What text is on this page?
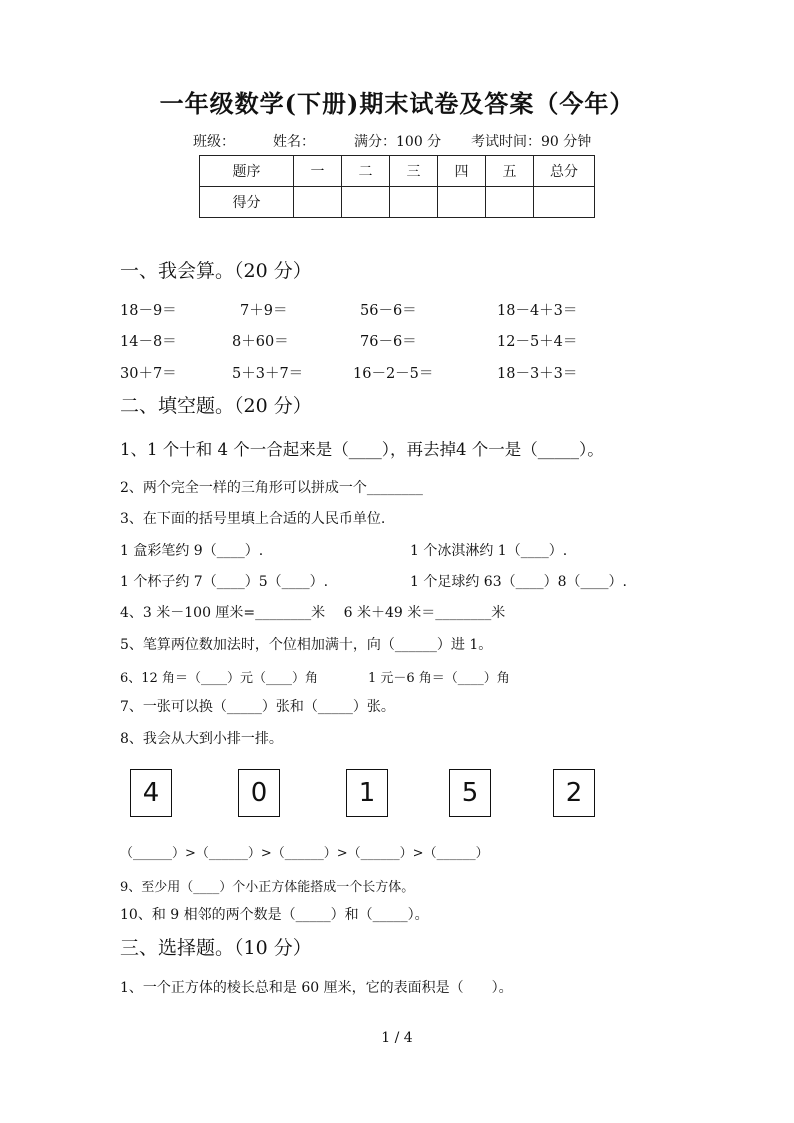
一年级数学(下册)期末试卷及答案（今年）
班级：	姓名：	满分：100 分 考试时间：90 分钟
题序	一	二	三	四	五	总分
得分						
一、我会算。（20 分）
18－9＝	7＋9＝	56－6＝	18－4＋3＝
14－8＝	8＋60＝	76－6＝	12－5＋4＝
30＋7＝	5＋3＋7＝	16－2－5＝	18－3＋3＝
二、填空题。（20 分）
1、1 个十和 4 个一合起来是（____），再去掉4 个一是（_____）。
2、两个完全一样的三角形可以拼成一个________
3、在下面的括号里填上合适的人民币单位.
1 盒彩笔约 9（____）.	1 个冰淇淋约 1（____）.
1 个杯子约 7（____）5（____）.	1 个足球约 63（____）8（____）.
4、3 米－100 厘米=________米　 6 米＋49 米＝________米
5、笔算两位数加法时，个位相加满十，向（______）进 1。
6、12 角＝（____）元（____）角	1 元－6 角＝（____）角
7、一张可以换（_____）张和（_____）张。
8、我会从大到小排一排。
4	0	1	5	2
（______）>（______）>（______）>（______）>（______）
9、至少用（____）个小正方体能搭成一个长方体。
10、和 9 相邻的两个数是（_____）和（_____）。
三、选择题。（10 分）
1、一个正方体的棱长总和是 60 厘米，它的表面积是（　　）。
1 / 4
